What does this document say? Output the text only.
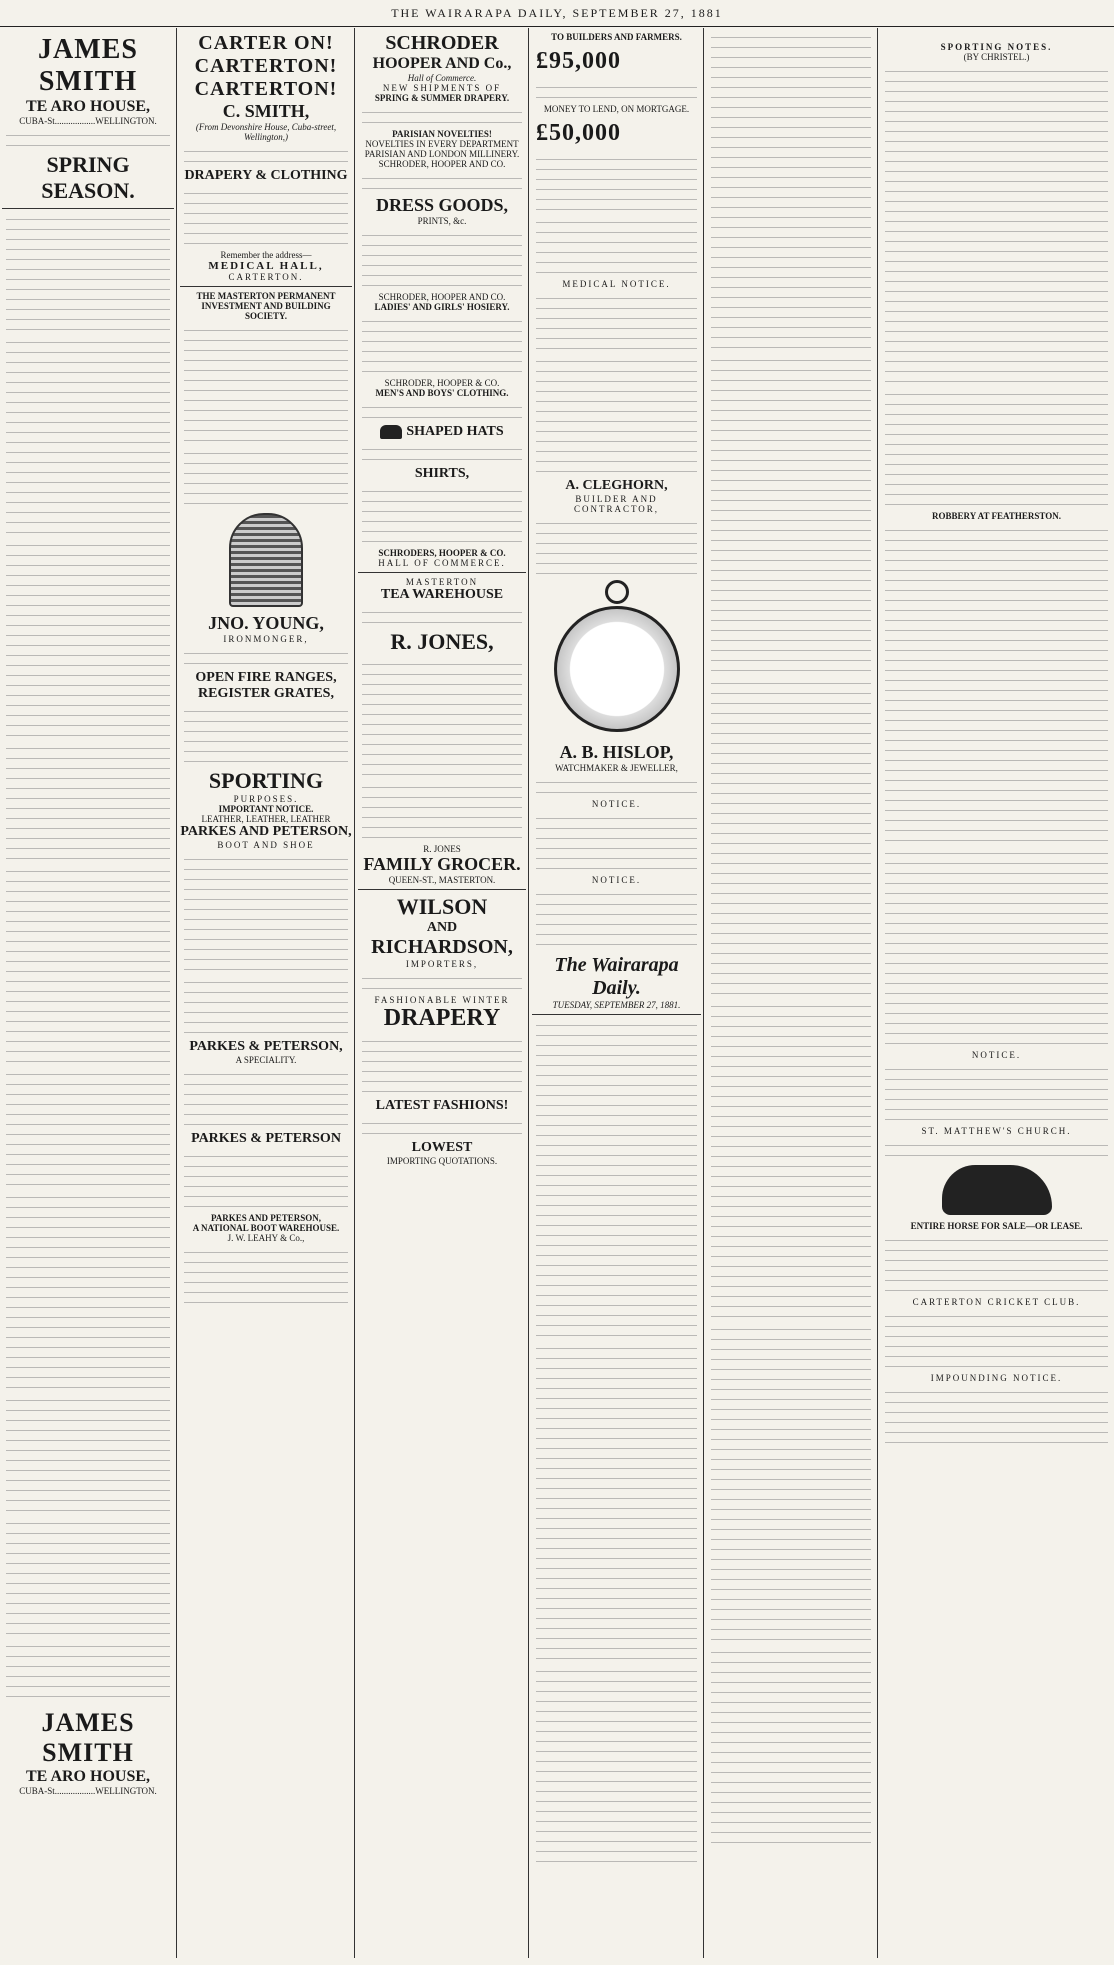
THE WAIRARAPA DAILY, SEPTEMBER 27, 1881
JAMES SMITH
TE ARO HOUSE,
CUBA-St..................WELLINGTON.
SPRING SEASON.
JAMES SMITH
TE ARO HOUSE,
CUBA-St..................WELLINGTON.
CARTER ON!
CARTERTON!
CARTERTON!
C. SMITH,
(From Devonshire House, Cuba-street, Wellington,)
DRAPERY & CLOTHING
Remember the address—
MEDICAL HALL,
CARTERTON.
THE MASTERTON PERMANENT INVESTMENT AND BUILDING SOCIETY.
JNO. YOUNG,
IRONMONGER,
OPEN FIRE RANGES,
REGISTER GRATES,
SPORTING
PURPOSES.
IMPORTANT NOTICE.
LEATHER, LEATHER, LEATHER
PARKES AND PETERSON,
BOOT AND SHOE
PARKES & PETERSON,
A SPECIALITY.
PARKES & PETERSON
PARKES AND PETERSON,
A NATIONAL BOOT WAREHOUSE.
J. W. LEAHY & Co.,
SCHRODER
HOOPER AND Co.,
Hall of Commerce.
NEW SHIPMENTS OF
SPRING & SUMMER DRAPERY.
PARISIAN NOVELTIES!
NOVELTIES IN EVERY DEPARTMENT
PARISIAN AND LONDON MILLINERY.
SCHRODER, HOOPER AND CO.
DRESS GOODS,
PRINTS, &c.
SCHRODER, HOOPER AND CO.
LADIES' AND GIRLS' HOSIERY.
SCHRODER, HOOPER & CO.
MEN'S AND BOYS' CLOTHING.
SHAPED HATS
SHIRTS,
SCHRODERS, HOOPER & CO.
HALL OF COMMERCE.
MASTERTON
TEA WAREHOUSE
R. JONES,
R. JONES
FAMILY GROCER.
QUEEN-ST., MASTERTON.
WILSON
AND
RICHARDSON,
IMPORTERS,
FASHIONABLE WINTER
DRAPERY
LATEST FASHIONS!
LOWEST
IMPORTING QUOTATIONS.
TO BUILDERS AND FARMERS.
£95,000
MONEY TO LEND, ON MORTGAGE.
£50,000
MEDICAL NOTICE.
A. CLEGHORN,
BUILDER AND CONTRACTOR,
A. B. HISLOP,
WATCHMAKER & JEWELLER,
NOTICE.
NOTICE.
The Wairarapa Daily.
TUESDAY, SEPTEMBER 27, 1881.
SPORTING NOTES.
(BY CHRISTEL.)
ROBBERY AT FEATHERSTON.
NOTICE.
ST. MATTHEW'S CHURCH.
ENTIRE HORSE FOR SALE—OR LEASE.
CARTERTON CRICKET CLUB.
IMPOUNDING NOTICE.
